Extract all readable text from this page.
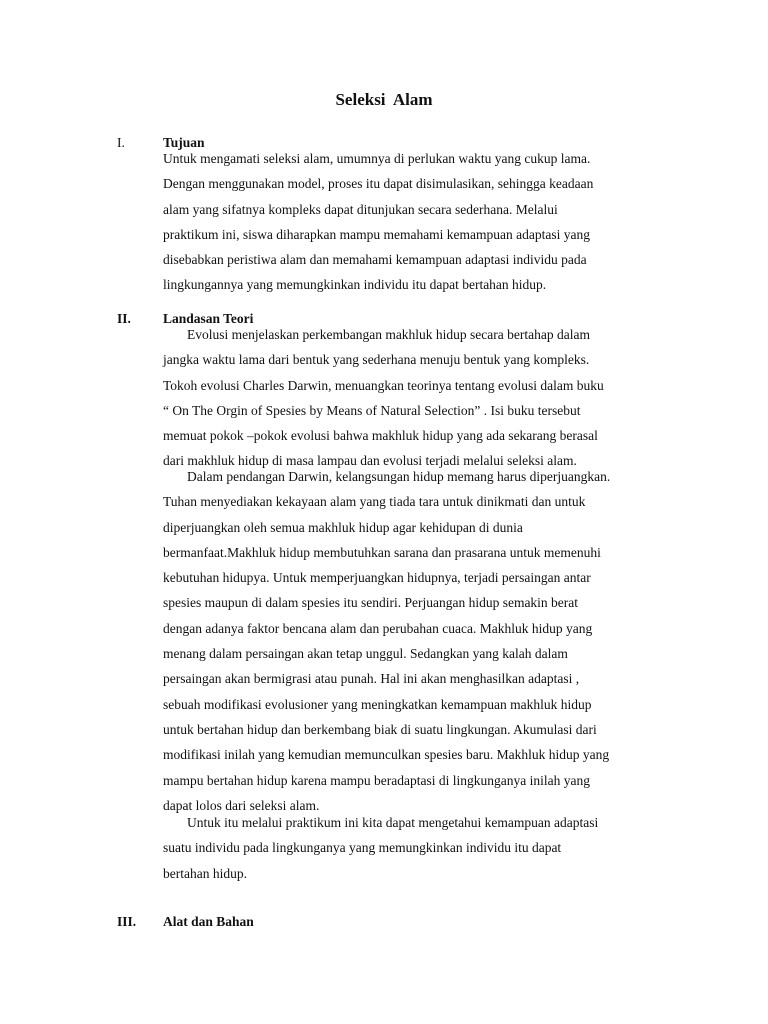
Seleksi Alam
I.	Tujuan

Untuk mengamati seleksi alam, umumnya di perlukan waktu yang cukup lama.
Dengan menggunakan model, proses itu dapat disimulasikan, sehingga keadaan
alam yang sifatnya kompleks dapat ditunjukan secara sederhana. Melalui
praktikum ini, siswa diharapkan mampu memahami kemampuan adaptasi yang
disebabkan peristiwa alam dan memahami kemampuan adaptasi individu pada
lingkungannya yang memungkinkan individu itu dapat bertahan hidup.

II. Landasan Teori

Evolusi menjelaskan perkembangan makhluk hidup secara bertahap dalam
jangka waktu lama dari bentuk yang sederhana menuju bentuk yang kompleks.
Tokoh evolusi Charles Darwin, menuangkan teorinya tentang evolusi dalam buku
“ On The Orgin of Spesies by Means of Natural Selection” . Isi buku tersebut
memuat pokok –pokok evolusi bahwa makhluk hidup yang ada sekarang berasal
dari makhluk hidup di masa lampau dan evolusi terjadi melalui seleksi alam.

Dalam pendangan Darwin, kelangsungan hidup memang harus diperjuangkan.
Tuhan menyediakan kekayaan alam yang tiada tara untuk dinikmati dan untuk
diperjuangkan oleh semua makhluk hidup agar kehidupan di dunia
bermanfaat.Makhluk hidup membutuhkan sarana dan prasarana untuk memenuhi
kebutuhan hidupya. Untuk memperjuangkan hidupnya, terjadi persaingan antar
spesies maupun di dalam spesies itu sendiri. Perjuangan hidup semakin berat
dengan adanya faktor bencana alam dan perubahan cuaca. Makhluk hidup yang
menang dalam persaingan akan tetap unggul. Sedangkan yang kalah dalam
persaingan akan bermigrasi atau punah. Hal ini akan menghasilkan adaptasi ,
sebuah modifikasi evolusioner yang meningkatkan kemampuan makhluk hidup
untuk bertahan hidup dan berkembang biak di suatu lingkungan. Akumulasi dari
modifikasi inilah yang kemudian memunculkan spesies baru. Makhluk hidup yang
mampu bertahan hidup karena mampu beradaptasi di lingkunganya inilah yang
dapat lolos dari seleksi alam.

Untuk itu melalui praktikum ini kita dapat mengetahui kemampuan adaptasi
suatu individu pada lingkunganya yang memungkinkan individu itu dapat
bertahan hidup.

III. Alat dan Bahan
